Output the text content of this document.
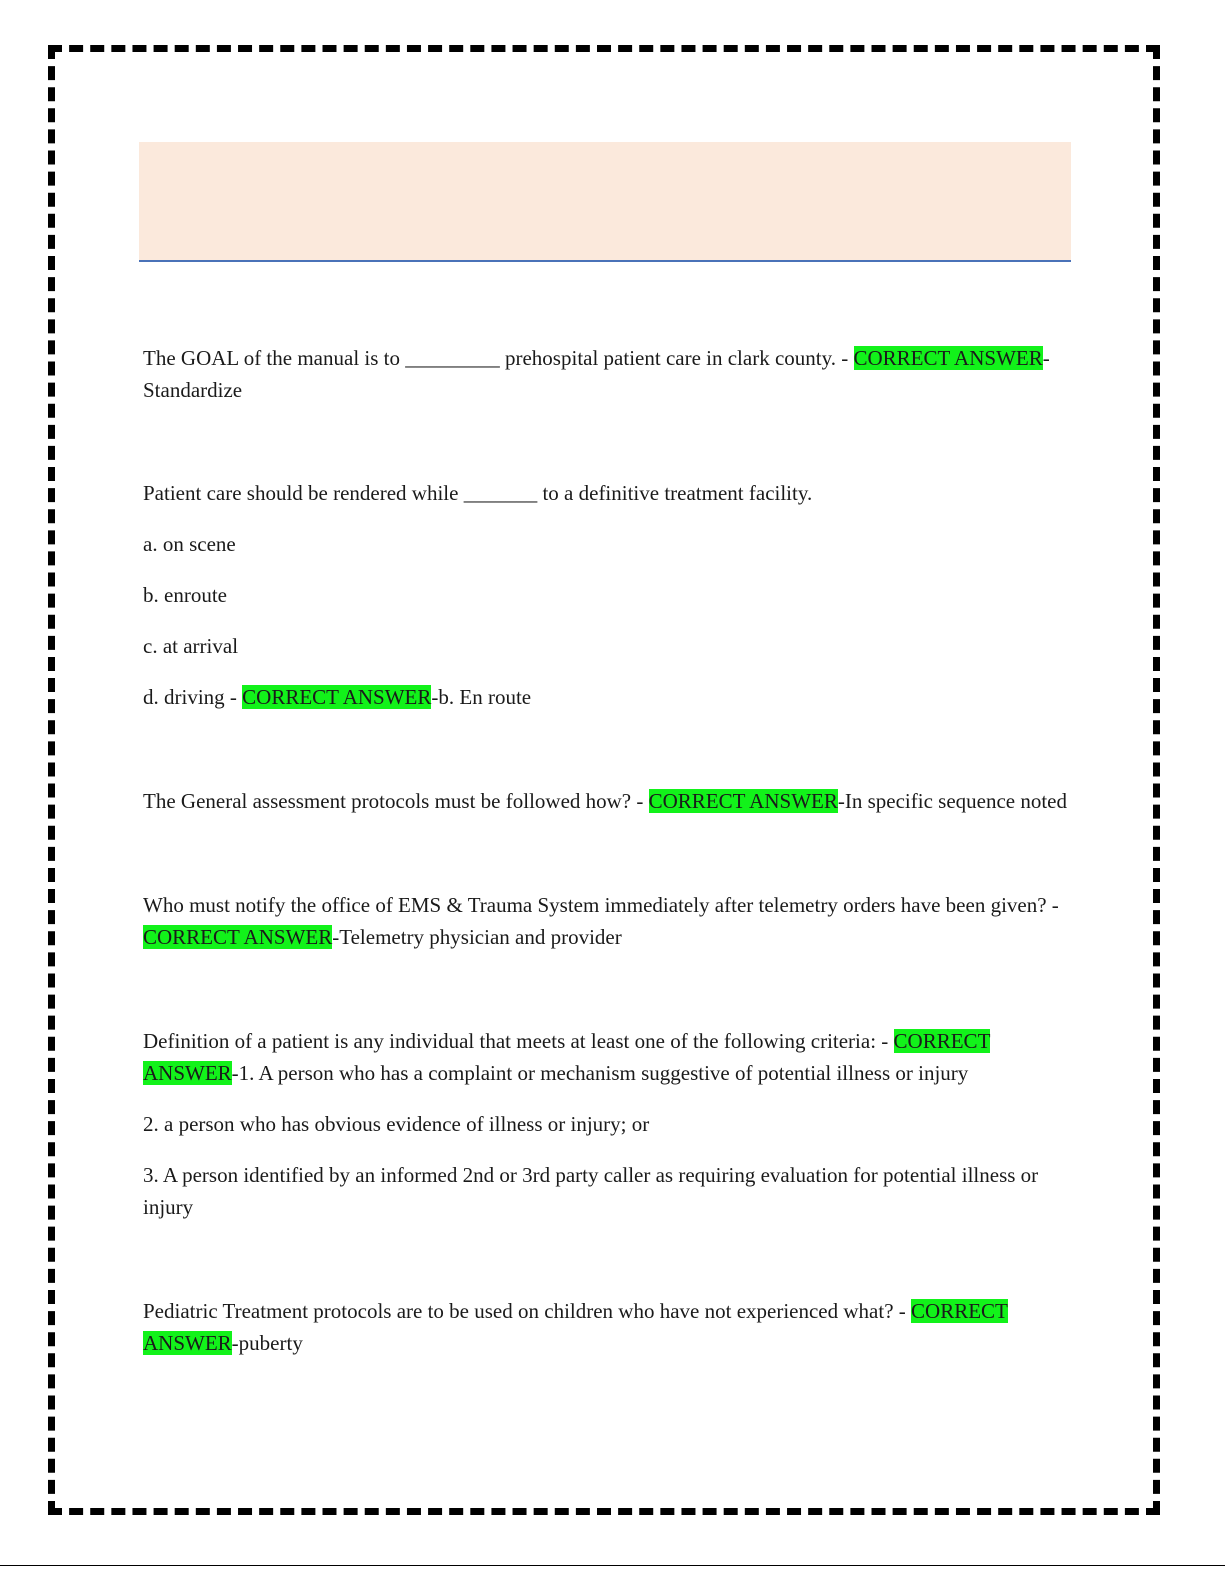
The GOAL of the manual is to _________ prehospital patient care in clark county. - CORRECT ANSWER-Standardize

Patient care should be rendered while _______ to a definitive treatment facility.

a. on scene

b. enroute

c. at arrival

d. driving - CORRECT ANSWER-b. En route

The General assessment protocols must be followed how? - CORRECT ANSWER-In specific sequence noted

Who must notify the office of EMS & Trauma System immediately after telemetry orders have been given? - CORRECT ANSWER-Telemetry physician and provider

Definition of a patient is any individual that meets at least one of the following criteria: - CORRECT ANSWER-1. A person who has a complaint or mechanism suggestive of potential illness or injury

2. a person who has obvious evidence of illness or injury; or

3. A person identified by an informed 2nd or 3rd party caller as requiring evaluation for potential illness or injury

Pediatric Treatment protocols are to be used on children who have not experienced what? - CORRECT ANSWER-puberty
